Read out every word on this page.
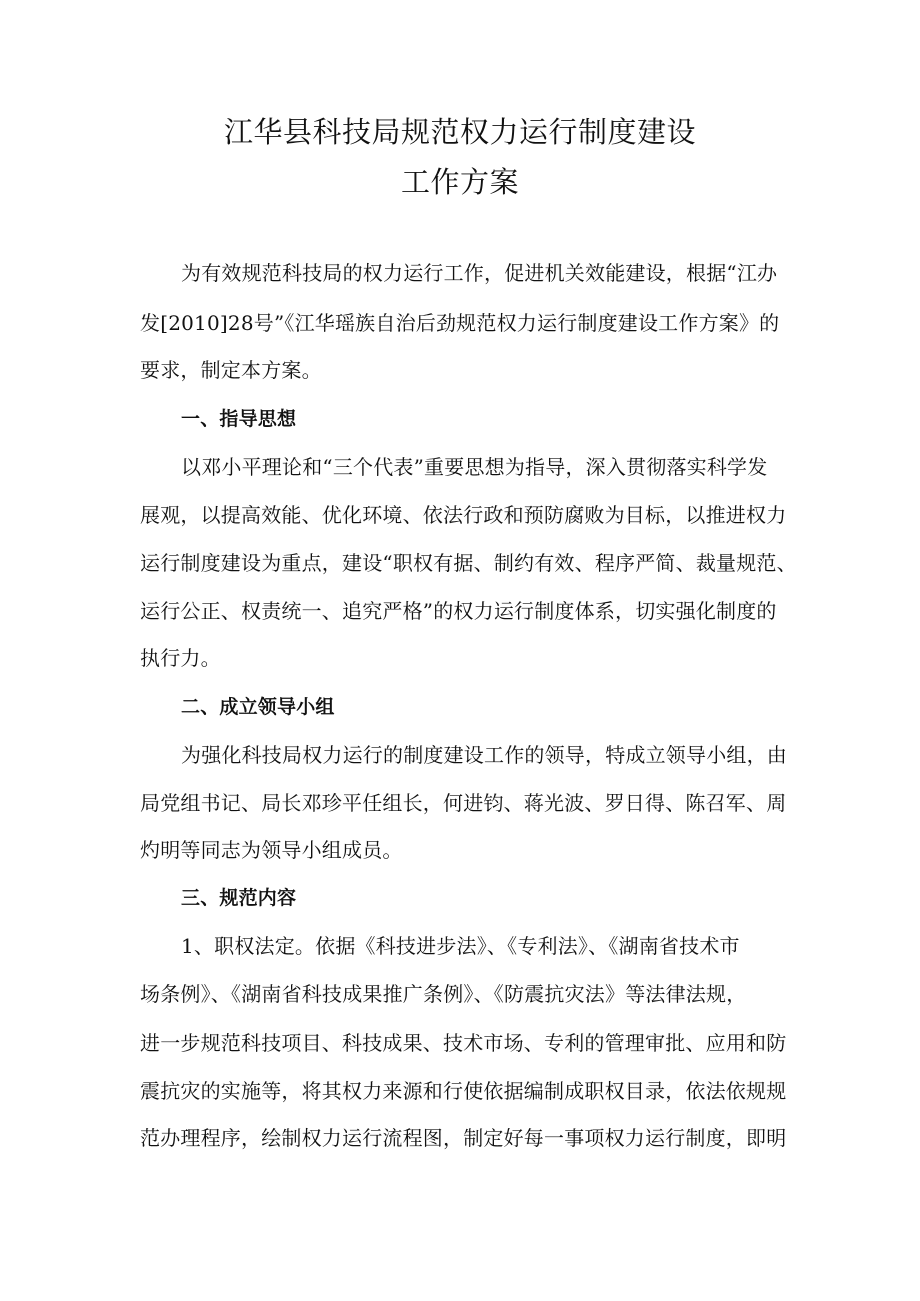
江华县科技局规范权力运行制度建设
工作方案
为有效规范科技局的权力运行工作，促进机关效能建设，根据“江办
发[2010]28号”《江华瑶族自治后劲规范权力运行制度建设工作方案》的
要求，制定本方案。
一、指导思想
以邓小平理论和“三个代表”重要思想为指导，深入贯彻落实科学发
展观，以提高效能、优化环境、依法行政和预防腐败为目标，以推进权力
运行制度建设为重点，建设“职权有据、制约有效、程序严简、裁量规范、
运行公正、权责统一、追究严格”的权力运行制度体系，切实强化制度的
执行力。
二、成立领导小组
为强化科技局权力运行的制度建设工作的领导，特成立领导小组，由
局党组书记、局长邓珍平任组长，何进钧、蒋光波、罗日得、陈召军、周
灼明等同志为领导小组成员。
三、规范内容
1、职权法定。依据《科技进步法》、《专利法》、《湖南省技术市
场条例》、《湖南省科技成果推广条例》、《防震抗灾法》等法律法规，
进一步规范科技项目、科技成果、技术市场、专利的管理审批、应用和防
震抗灾的实施等，将其权力来源和行使依据编制成职权目录，依法依规规
范办理程序，绘制权力运行流程图，制定好每一事项权力运行制度，即明
